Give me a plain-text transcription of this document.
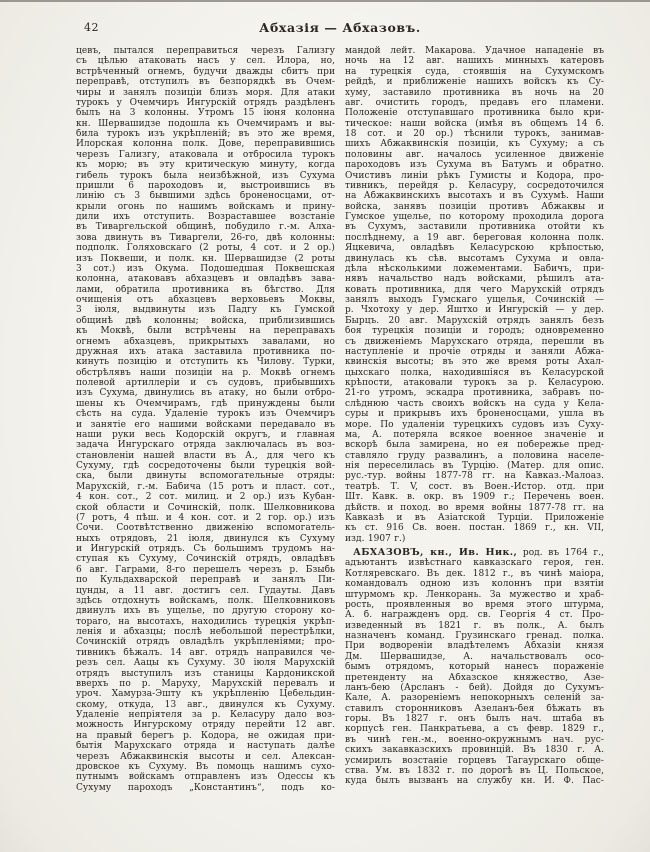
42	Абхазія — Абхазовъ.
цевъ, пытался переправиться черезъ Гализгу
съ цѣлью атаковать насъ у сел. Илора, но,
встрѣченный огнемъ, будучи дважды сбитъ при
переправѣ, отступилъ въ безпорядкѣ въ Очем-
чиры и занялъ позиціи близъ моря. Для атаки
турокъ у Очемчиръ Ингурскій отрядъ раздѣленъ
былъ на 3 колонны. Утромъ 15 іюня колонна
кн. Шервашидзе подошла къ Очемчирамъ и вы-
била турокъ изъ укрѣпленій; въ это же время,
Илорская колонна полк. Дове, переправившись
черезъ Гализгу, атаковала и отбросила турокъ
къ морю; въ эту критическую минуту, когда
гибель турокъ была неизбѣжной, изъ Сухума
пришли 6 пароходовъ и, выстроившись въ
линію съ 3 бывшими здѣсь броненосцами, от-
крыли огонь по нашимъ войскамъ и прину-
дили ихъ отступить. Возраставшее возстаніе
въ Тиваргельской общинѣ, побудило г.-м. Алха-
зова двинуть въ Тиваргели, 26-го, двѣ колонны:
подполк. Голяховскаго (2 роты, 4 сот. и 2 ор.)
изъ Поквеши, и полк. кн. Шервашидзе (2 роты
3 сот.) изъ Окума. Подошедшая Поквешская
колонна, атаковавъ абхазцевъ и овладѣвъ зава-
лами, обратила противника въ бѣгство. Для
очищенія отъ абхазцевъ верховьевъ Моквы,
3 іюля, выдвинуты изъ Падгу къ Гумской
общинѣ двѣ колонны; войска, приблизившись
къ Моквѣ, были встрѣчены на переправахъ
огнемъ абхазцевъ, прикрытыхъ завалами, но
дружная ихъ атака заставила противника по-
кинуть позицію и отступить къ Чилову. Турки,
обстрѣлявъ наши позиціи на р. Моквѣ огнемъ
полевой артиллеріи и съ судовъ, прибывшихъ
изъ Сухума, двинулись въ атаку, но были отбро-
шены къ Очемчирамъ, гдѣ принуждены были
сѣсть на суда. Удаленіе турокъ изъ Очемчиръ
и занятіе его нашими войсками передавало въ
наши руки весь Кодорскій округъ, и главная
задача Ингурскаго отряда заключалась въ воз-
становленіи нашей власти въ А., для чего къ
Сухуму, гдѣ сосредоточены были турецкія вой-
ска, были двинуты вспомогательные отряды:
Марухскій, г.-м. Бабича (15 ротъ и пласт. сот.,
4 кон. сот., 2 сот. милиц. и 2 ор.) изъ Кубан-
ской области и Сочинскій, полк. Шелковникова
(7 ротъ, 4 пѣш. и 4 кон. сот. и 2 гор. ор.) изъ
Сочи. Соотвѣтственно движенію вспомогатель-
ныхъ отрядовъ, 21 іюля, двинулся къ Сухуму
и Ингурскій отрядъ. Съ большимъ трудомъ на-
ступая къ Сухуму, Сочинскій отрядъ, овладѣвъ
6 авг. Гаграми, 8-го перешелъ черезъ р. Бзыбь
по Кульдахварской переправѣ и занялъ Пи-
цунды, а 11 авг. достигъ сел. Гудауты. Давъ
здѣсь отдохнуть войскамъ, полк. Шелковниковъ
двинулъ ихъ въ ущелье, по другую сторону ко-
тораго, на высотахъ, находились турецкія укрѣп-
ленія и абхазцы; послѣ небольшой перестрѣлки,
Сочинскій отрядъ овладѣлъ укрѣпленіями; про-
тивникъ бѣжалъ. 14 авг. отрядъ направился че-
резъ сел. Аацы къ Сухуму. 30 іюля Марухскій
отрядъ выступилъ изъ станицы Кардоникской
вверхъ по р. Маруху, Марухскій перевалъ и
уроч. Хамурза-Эшту къ укрѣпленію Цебельдин-
скому, откуда, 13 авг., двинулся къ Сухуму.
Удаленіе непріятеля за р. Келасуру дало воз-
можность Ингурскому отряду перейти 12 авг.
на правый берегъ р. Кодора, не ожидая при-
бытія Марухскаго отряда и наступать далѣе
черезъ Абжаквинскія высоты и сел. Алексан-
дровское къ Сухуму. Въ помощь нашимъ сухо-
путнымъ войскамъ отправленъ изъ Одессы къ
Сухуму пароходъ „Константинъ“, подъ ко-
мандой лейт. Макарова. Удачное нападеніе въ
ночь на 12 авг. нашихъ минныхъ катеровъ
на турецкія суда, стоявшія на Сухумскомъ
рейдѣ, и приближеніе нашихъ войскъ къ Су-
хуму, заставило противника въ ночь на 20
авг. очистить городъ, предавъ его пламени.
Положеніе отступавшаго противника было кри-
тическое: наши войска (имѣя въ общемъ 14 б.
18 сот. и 20 ор.) тѣснили турокъ, занимав-
шихъ Абжаквинскія позиціи, къ Сухуму; а съ
половины авг. началось усиленное движеніе
пароходовъ изъ Сухума въ Батумъ и обратно.
Очистивъ линіи рѣкъ Гумисты и Кодора, про-
тивникъ, перейдя р. Келасуру, сосредоточился
на Абжаквинскихъ высотахъ и въ Сухумѣ. Наши
войска, занявъ позиціи противъ Абжаквы и
Гумское ущелье, по которому проходила дорога
въ Сухумъ, заставили противника отойти къ
послѣднему, а 19 авг. береговая колонна полк.
Яцкевича, овладѣвъ Келасурскою крѣпостью,
двинулась къ сѣв. высотамъ Сухума и овла-
дѣла нѣсколькими ложементами. Бабичъ, при-
нявъ начальство надъ войсками, рѣшилъ ата-
ковать противника, для чего Марухскій отрядъ
занялъ выходъ Гумскаго ущелья, Сочинскій —
р. Чхотоху у дер. Яштхо и Ингурскій — у дер.
Бырцъ. 20 авг. Марухскій отрядъ занялъ безъ
боя турецкія позиціи и городъ; одновременно
съ движеніемъ Марухскаго отряда, перешли въ
наступленіе и прочіе отряды и заняли Абжа-
квинскія высоты; въ это же время роты Ахал-
цыхскаго полка, находившіяся въ Келасурской
крѣпости, атаковали турокъ за р. Келасурою.
21-го утромъ, эскадра противника, забравъ по-
слѣднюю часть своихъ войскъ на суда у Кела-
суры и прикрывъ ихъ броненосцами, ушла въ
море. По удаленіи турецкихъ судовъ изъ Суху-
ма, А. потеряла всякое военное значеніе и
вскорѣ была замирена, но ея побережье пред-
ставляло груду развалинъ, а половина населе-
нія переселилась въ Турцію. (Матер. для опис.
рус.-тур. войны 1877-78 гг. на Кавказ.-Малоаз.
театрѣ. Т. V, сост. въ Воен.-Истор. отд. при
Шт. Кавк. в. окр. въ 1909 г.; Перечень воен.
дѣйств. и поход. во время войны 1877-78 гг. на
Кавказѣ и въ Азіатской Турціи. Приложеніе
къ ст. 916 Св. воен. постан. 1869 г., кн. VII,
изд. 1907 г.)
АБХАЗОВЪ, кн., Ив. Ник., род. въ 1764 г.,
адъютантъ извѣстнаго кавказскаго героя, ген.
Котляревскаго. Въ дек. 1812 г., въ чинѣ маіора,
командовалъ одною изъ колоннъ при взятіи
штурмомъ кр. Ленкорань. За мужество и храб-
рость, проявленныя во время этого штурма,
А. б. награжденъ орд. св. Георгія 4 ст. Про-
изведенный въ 1821 г. въ полк., А. былъ
назначенъ команд. Грузинскаго гренад. полка.
При водвореніи владѣтелемъ Абхазіи князя
Дм. Шервашидзе, А. начальствовалъ осо-
бымъ отрядомъ, который нанесъ пораженіе
претенденту на Абхазское княжество, Азе-
ланъ-бею (Арсланъ - бей). Дойдя до Сухумъ-
Кале, А. разореніемъ непокорныхъ селеній за-
ставилъ сторонниковъ Азеланъ-бея бѣжать въ
горы. Въ 1827 г. онъ былъ нач. штаба въ
корпусѣ ген. Панкратьева, а съ февр. 1829 г.,
въ чинѣ ген.-м., военно-окружнымъ нач. рус-
скихъ закавказскихъ провинцій. Въ 1830 г. А.
усмирилъ возстаніе горцевъ Тагаурскаго обще-
ства. Ум. въ 1832 г. по дорогѣ въ Ц. Польское,
куда былъ вызванъ на службу кн. И. Ф. Пас-
